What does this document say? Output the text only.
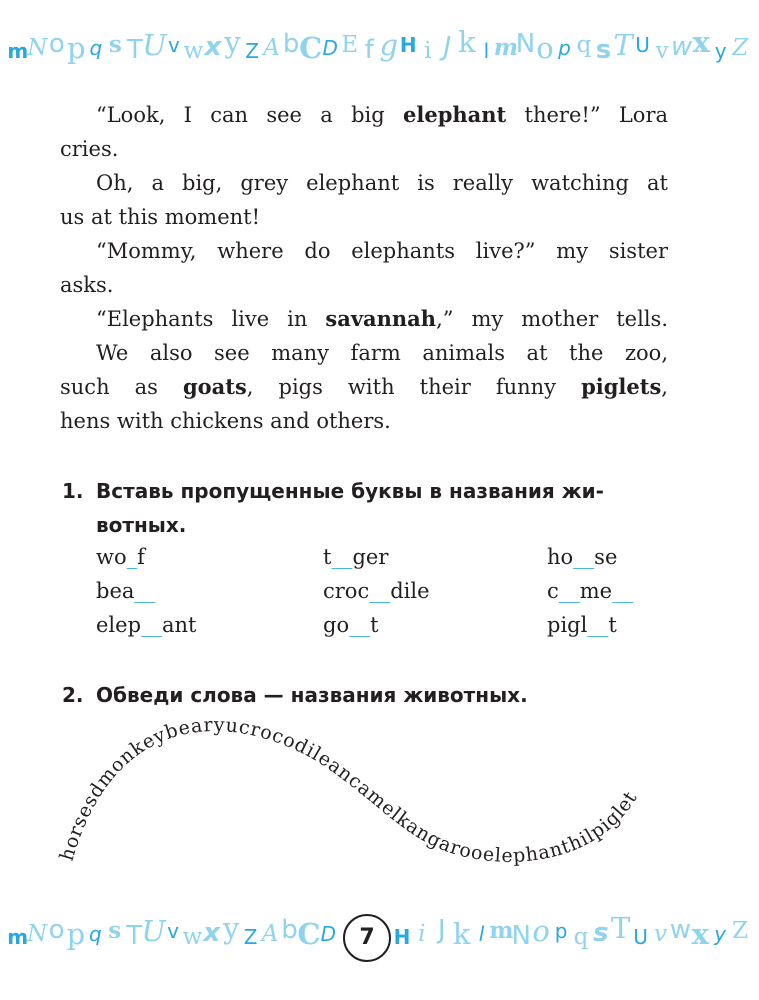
m N o p q s T U v w x y Z A b C D E f g H i J k l m
N o p q s T U v w x y Z

“Look, I can see a big elephant there!” Lora

cries.

Oh, a big, grey elephant is really watching at

us at this moment!

“Mommy, where do elephants live?” my sister

asks.

“Elephants live in savannah,” my mother tells.

We also see many farm animals at the zoo,

such as goats, pigs with their funny piglets,

hens with chickens and others.

1. Вставь пропущенные буквы в названия жи-
вотных.
wo_f	t__ger	ho__se
bea__	croc__dile	c__me__
elep__ant	go__t	pigl__t
2. Обведи слова — названия животных.
horsesdmonkeybearyucrocodileancamelkangarooelephanthilpiglet
m
N o p q s T U v w x y Z A b C D	H i J k l m
N o p q s T U v w x y Z
7
